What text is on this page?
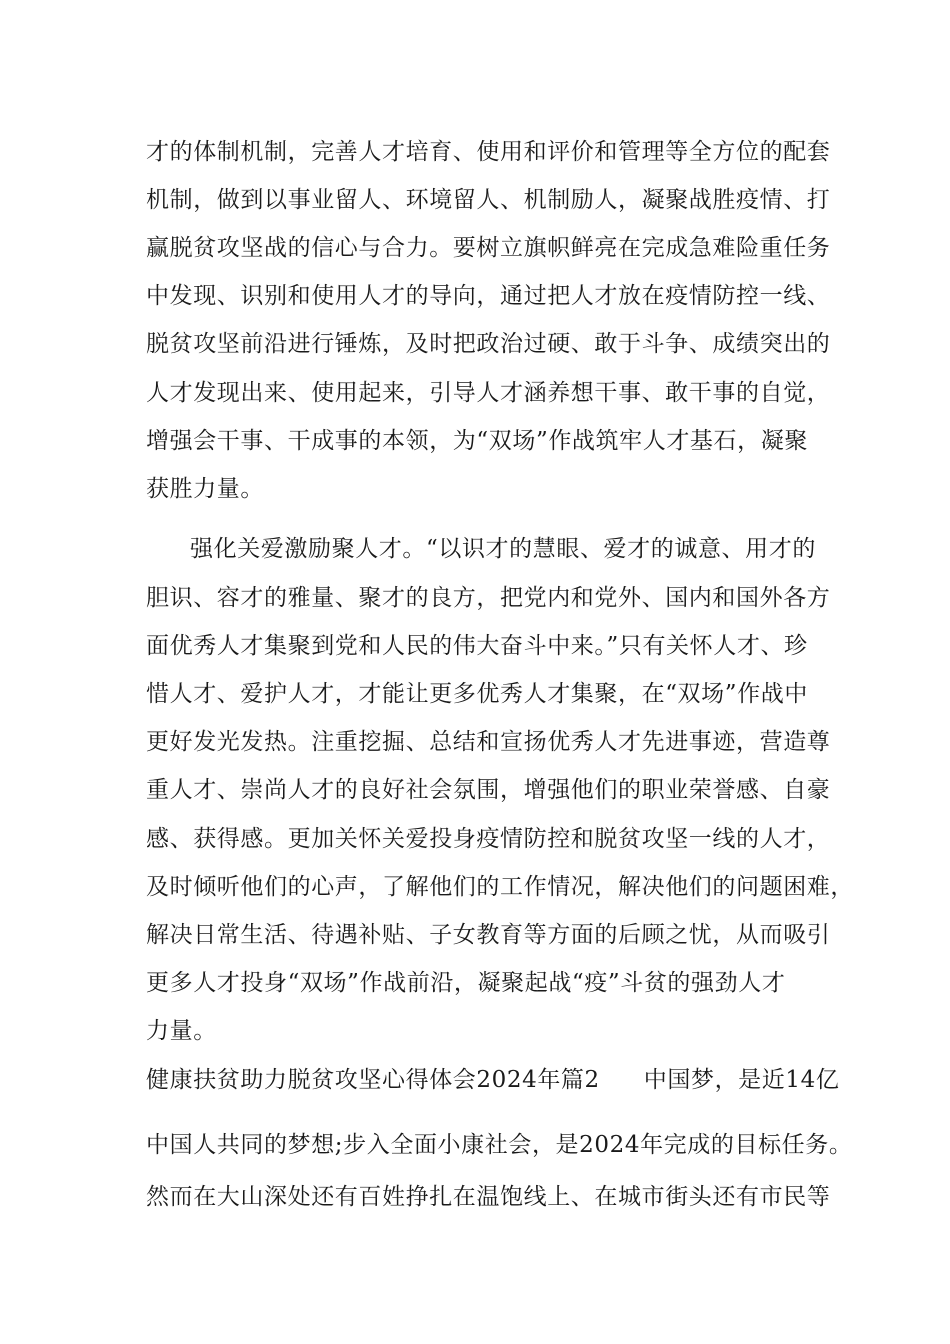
才的体制机制，完善人才培育、使用和评价和管理等全方位的配套
机制，做到以事业留人、环境留人、机制励人，凝聚战胜疫情、打
赢脱贫攻坚战的信心与合力。要树立旗帜鲜亮在完成急难险重任务
中发现、识别和使用人才的导向，通过把人才放在疫情防控一线、
脱贫攻坚前沿进行锤炼，及时把政治过硬、敢于斗争、成绩突出的
人才发现出来、使用起来，引导人才涵养想干事、敢干事的自觉，
增强会干事、干成事的本领，为“双场”作战筑牢人才基石，凝聚
获胜力量。
强化关爱激励聚人才。“以识才的慧眼、爱才的诚意、用才的
胆识、容才的雅量、聚才的良方，把党内和党外、国内和国外各方
面优秀人才集聚到党和人民的伟大奋斗中来。”只有关怀人才、珍
惜人才、爱护人才，才能让更多优秀人才集聚，在“双场”作战中
更好发光发热。注重挖掘、总结和宣扬优秀人才先进事迹，营造尊
重人才、崇尚人才的良好社会氛围，增强他们的职业荣誉感、自豪
感、获得感。更加关怀关爱投身疫情防控和脱贫攻坚一线的人才，
及时倾听他们的心声，了解他们的工作情况，解决他们的问题困难，
解决日常生活、待遇补贴、子女教育等方面的后顾之忧，从而吸引
更多人才投身“双场”作战前沿，凝聚起战“疫”斗贫的强劲人才
力量。
健康扶贫助力脱贫攻坚心得体会2024年篇2 中国梦，是近14亿
中国人共同的梦想;步入全面小康社会，是2024年完成的目标任务。
然而在大山深处还有百姓挣扎在温饱线上、在城市街头还有市民等
